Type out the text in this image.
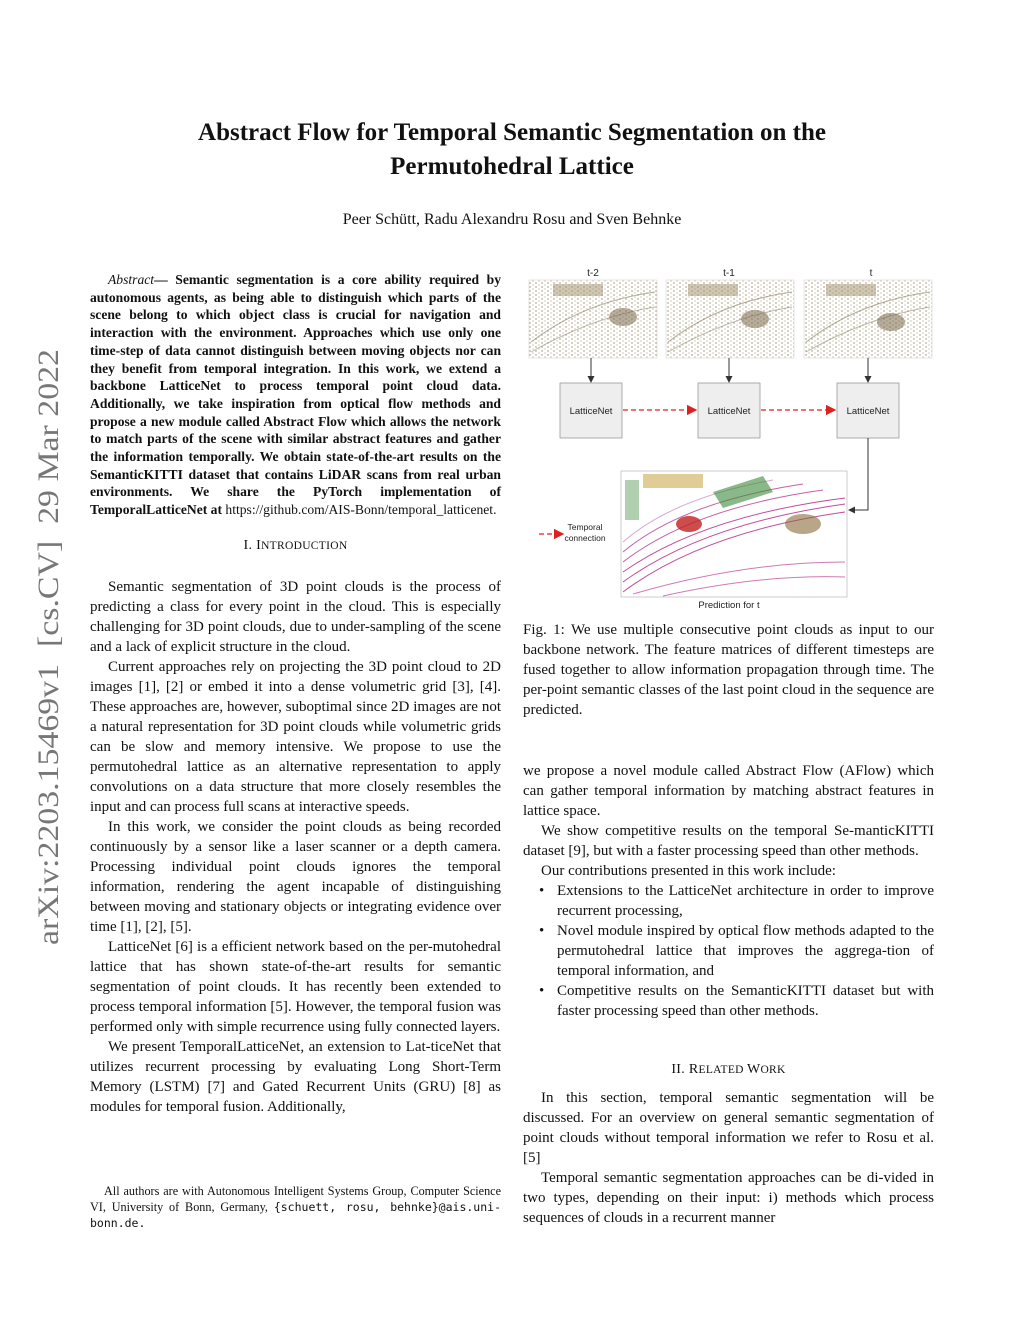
Abstract Flow for Temporal Semantic Segmentation on the
Permutohedral Lattice
Peer Schütt, Radu Alexandru Rosu and Sven Behnke
arXiv:2203.15469v1  [cs.CV]  29 Mar 2022
Abstract— Semantic segmentation is a core ability required by autonomous agents, as being able to distinguish which parts of the scene belong to which object class is crucial for navigation and interaction with the environment. Approaches which use only one time-step of data cannot distinguish between moving objects nor can they benefit from temporal integration. In this work, we extend a backbone LatticeNet to process temporal point cloud data. Additionally, we take inspiration from optical flow methods and propose a new module called Abstract Flow which allows the network to match parts of the scene with similar abstract features and gather the information temporally. We obtain state-of-the-art results on the SemanticKITTI dataset that contains LiDAR scans from real urban environments. We share the PyTorch implementation of TemporalLatticeNet at https://github.com/AIS-Bonn/temporal_latticenet.
I. INTRODUCTION

Semantic segmentation of 3D point clouds is the process of predicting a class for every point in the cloud. This is especially challenging for 3D point clouds, due to under-sampling of the scene and a lack of explicit structure in the cloud.

Current approaches rely on projecting the 3D point cloud to 2D images [1], [2] or embed it into a dense volumetric grid [3], [4]. These approaches are, however, suboptimal since 2D images are not a natural representation for 3D point clouds while volumetric grids can be slow and memory intensive. We propose to use the permutohedral lattice as an alternative representation to apply convolutions on a data structure that more closely resembles the input and can process full scans at interactive speeds.

In this work, we consider the point clouds as being recorded continuously by a sensor like a laser scanner or a depth camera. Processing individual point clouds ignores the temporal information, rendering the agent incapable of distinguishing between moving and stationary objects or integrating evidence over time [1], [2], [5].

LatticeNet [6] is a efficient network based on the per-mutohedral lattice that has shown state-of-the-art results for semantic segmentation of point clouds. It has recently been extended to process temporal information [5]. However, the temporal fusion was performed only with simple recurrence using fully connected layers.

We present TemporalLatticeNet, an extension to Lat-ticeNet that utilizes recurrent processing by evaluating Long Short-Term Memory (LSTM) [7] and Gated Recurrent Units (GRU) [8] as modules for temporal fusion. Additionally,

All authors are with Autonomous Intelligent Systems Group, Computer Science VI, University of Bonn, Germany, {schuett, rosu, behnke}@ais.uni-bonn.de.
t-2	t-1	t
LatticeNet	LatticeNet	LatticeNet
Temporal
connection
Prediction for t
Fig. 1: We use multiple consecutive point clouds as input to our backbone network. The feature matrices of different timesteps are fused together to allow information propagation through time. The per-point semantic classes of the last point cloud in the sequence are predicted.

we propose a novel module called Abstract Flow (AFlow) which can gather temporal information by matching abstract features in lattice space.

We show competitive results on the temporal Se-manticKITTI dataset [9], but with a faster processing speed than other methods.

Our contributions presented in this work include:

• Extensions to the LatticeNet architecture in order to improve recurrent processing,
• Novel module inspired by optical flow methods adapted to the permutohedral lattice that improves the aggrega-tion of temporal information, and
• Competitive results on the SemanticKITTI dataset but with faster processing speed than other methods.
II. RELATED WORK

In this section, temporal semantic segmentation will be discussed. For an overview on general semantic segmentation of point clouds without temporal information we refer to Rosu et al. [5]

Temporal semantic segmentation approaches can be di-vided in two types, depending on their input: i) methods which process sequences of clouds in a recurrent manner
